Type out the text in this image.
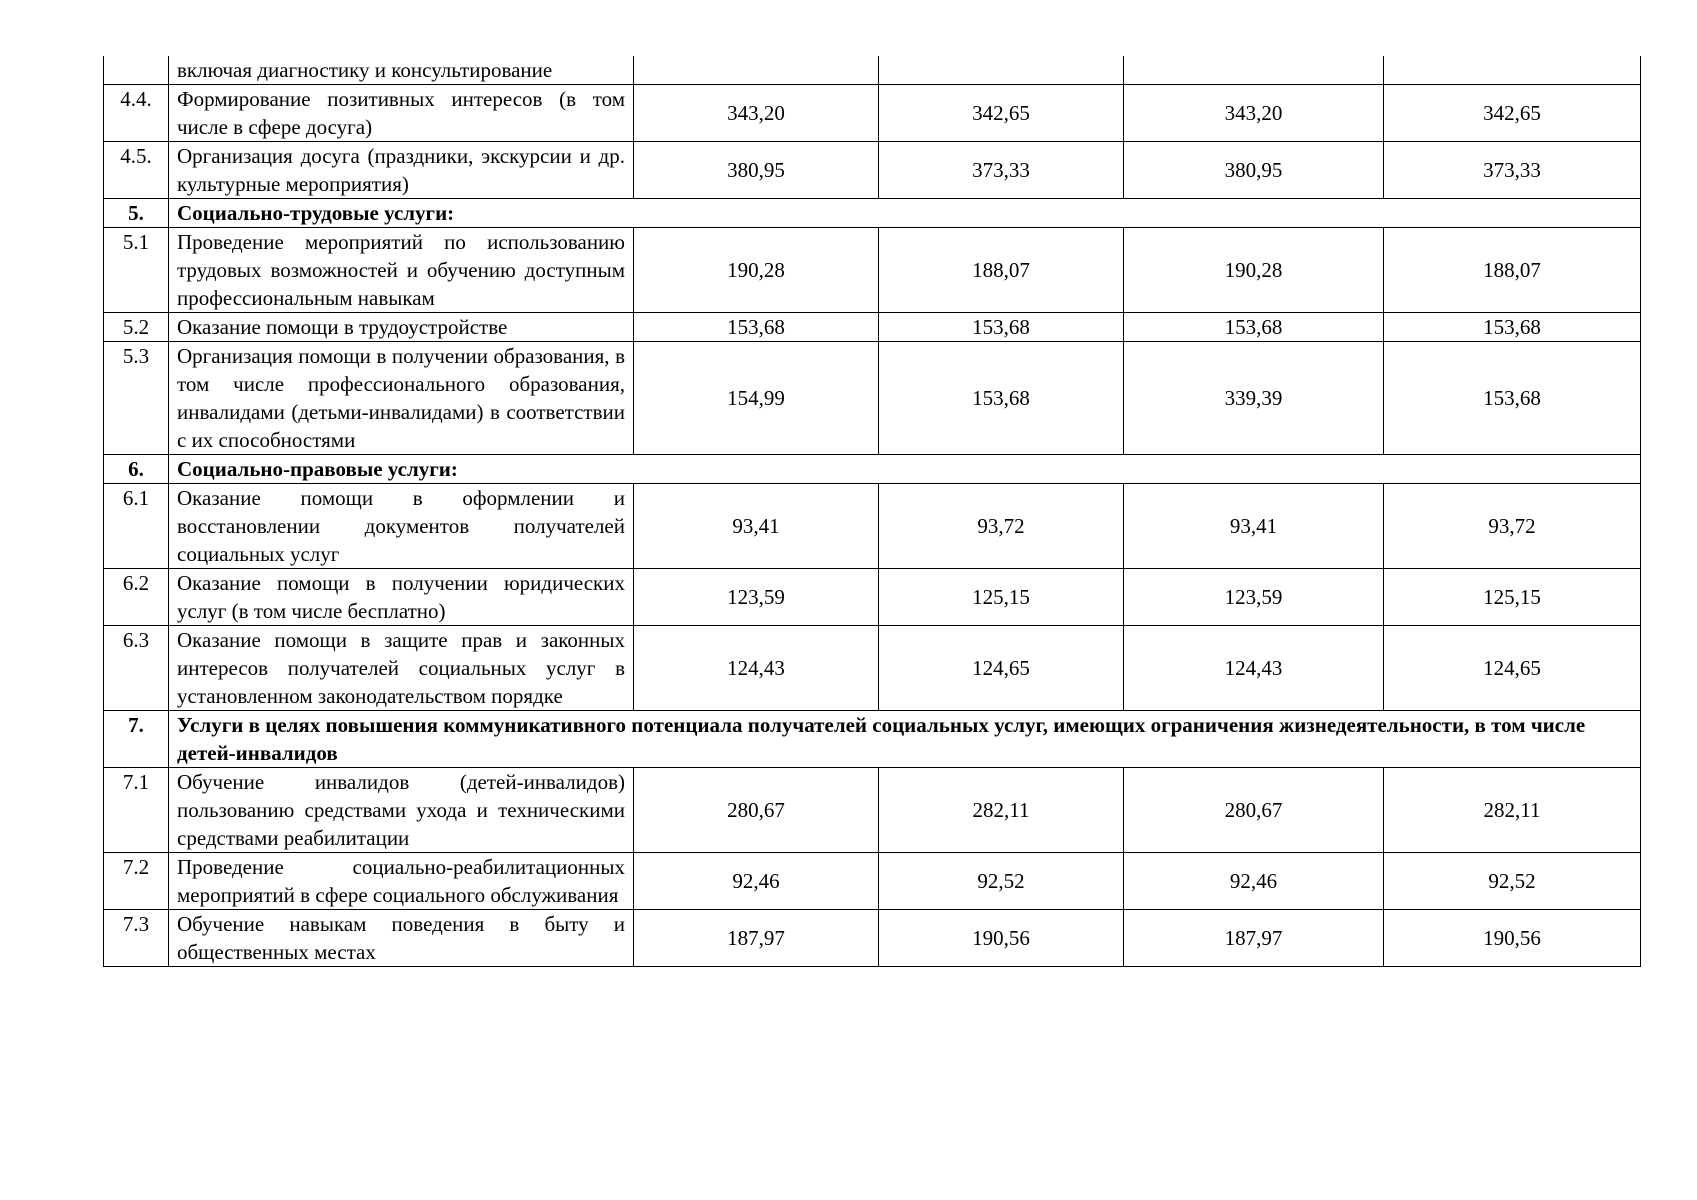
	включая диагностику и консультирование				
4.4.	Формирование позитивных интересов (в том числе в сфере досуга)	343,20	342,65	343,20	342,65
4.5.	Организация досуга (праздники, экскурсии и др. культурные мероприятия)	380,95	373,33	380,95	373,33
5.	Социально-трудовые услуги:				
5.1	Проведение мероприятий по использованию трудовых возможностей и обучению доступным профессиональным навыкам	190,28	188,07	190,28	188,07
5.2	Оказание помощи в трудоустройстве	153,68	153,68	153,68	153,68
5.3	Организация помощи в получении образования, в том числе профессионального образования, инвалидами (детьми-инвалидами) в соответствии с их способностями	154,99	153,68	339,39	153,68
6.	Социально-правовые услуги:				
6.1	Оказание помощи в оформлении и восстановлении документов получателей социальных услуг	93,41	93,72	93,41	93,72
6.2	Оказание помощи в получении юридических услуг (в том числе бесплатно)	123,59	125,15	123,59	125,15
6.3	Оказание помощи в защите прав и законных интересов получателей социальных услуг в установленном законодательством порядке	124,43	124,65	124,43	124,65
7.	Услуги в целях повышения коммуникативного потенциала получателей социальных услуг, имеющих ограничения жизнедеятельности, в том числе детей-инвалидов				
7.1	Обучение инвалидов (детей-инвалидов) пользованию средствами ухода и техническими средствами реабилитации	280,67	282,11	280,67	282,11
7.2	Проведение социально-реабилитационных мероприятий в сфере социального обслуживания	92,46	92,52	92,46	92,52
7.3	Обучение навыкам поведения в быту и общественных местах	187,97	190,56	187,97	190,56
